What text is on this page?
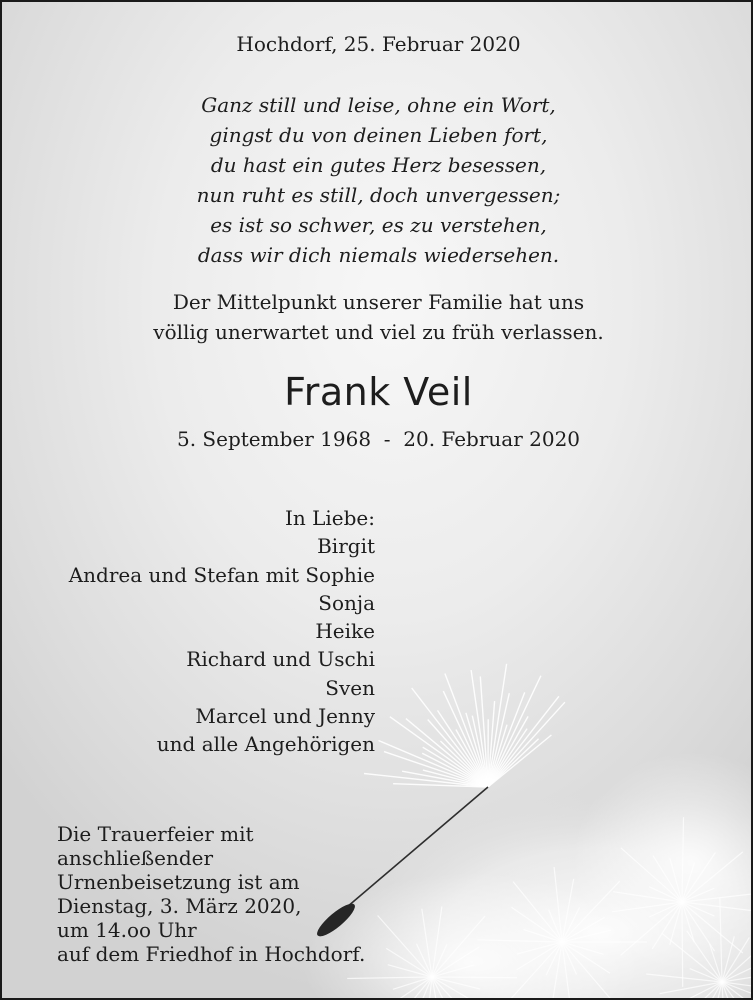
Hochdorf, 25. Februar 2020

Ganz still und leise, ohne ein Wort,
gingst du von deinen Lieben fort,
du hast ein gutes Herz besessen,
nun ruht es still, doch unvergessen;
es ist so schwer, es zu verstehen,
dass wir dich niemals wiedersehen.
Der Mittelpunkt unserer Familie hat uns
völlig unerwartet und viel zu früh verlassen.
Frank Veil

5. September 1968  -  20. Februar 2020

In Liebe:
Birgit
Andrea und Stefan mit Sophie
Sonja
Heike
Richard und Uschi
Sven
Marcel und Jenny
und alle Angehörigen
Die Trauerfeier mit
anschließender
Urnenbeisetzung ist am
Dienstag, 3. März 2020,
um 14.oo Uhr
auf dem Friedhof in Hochdorf.
